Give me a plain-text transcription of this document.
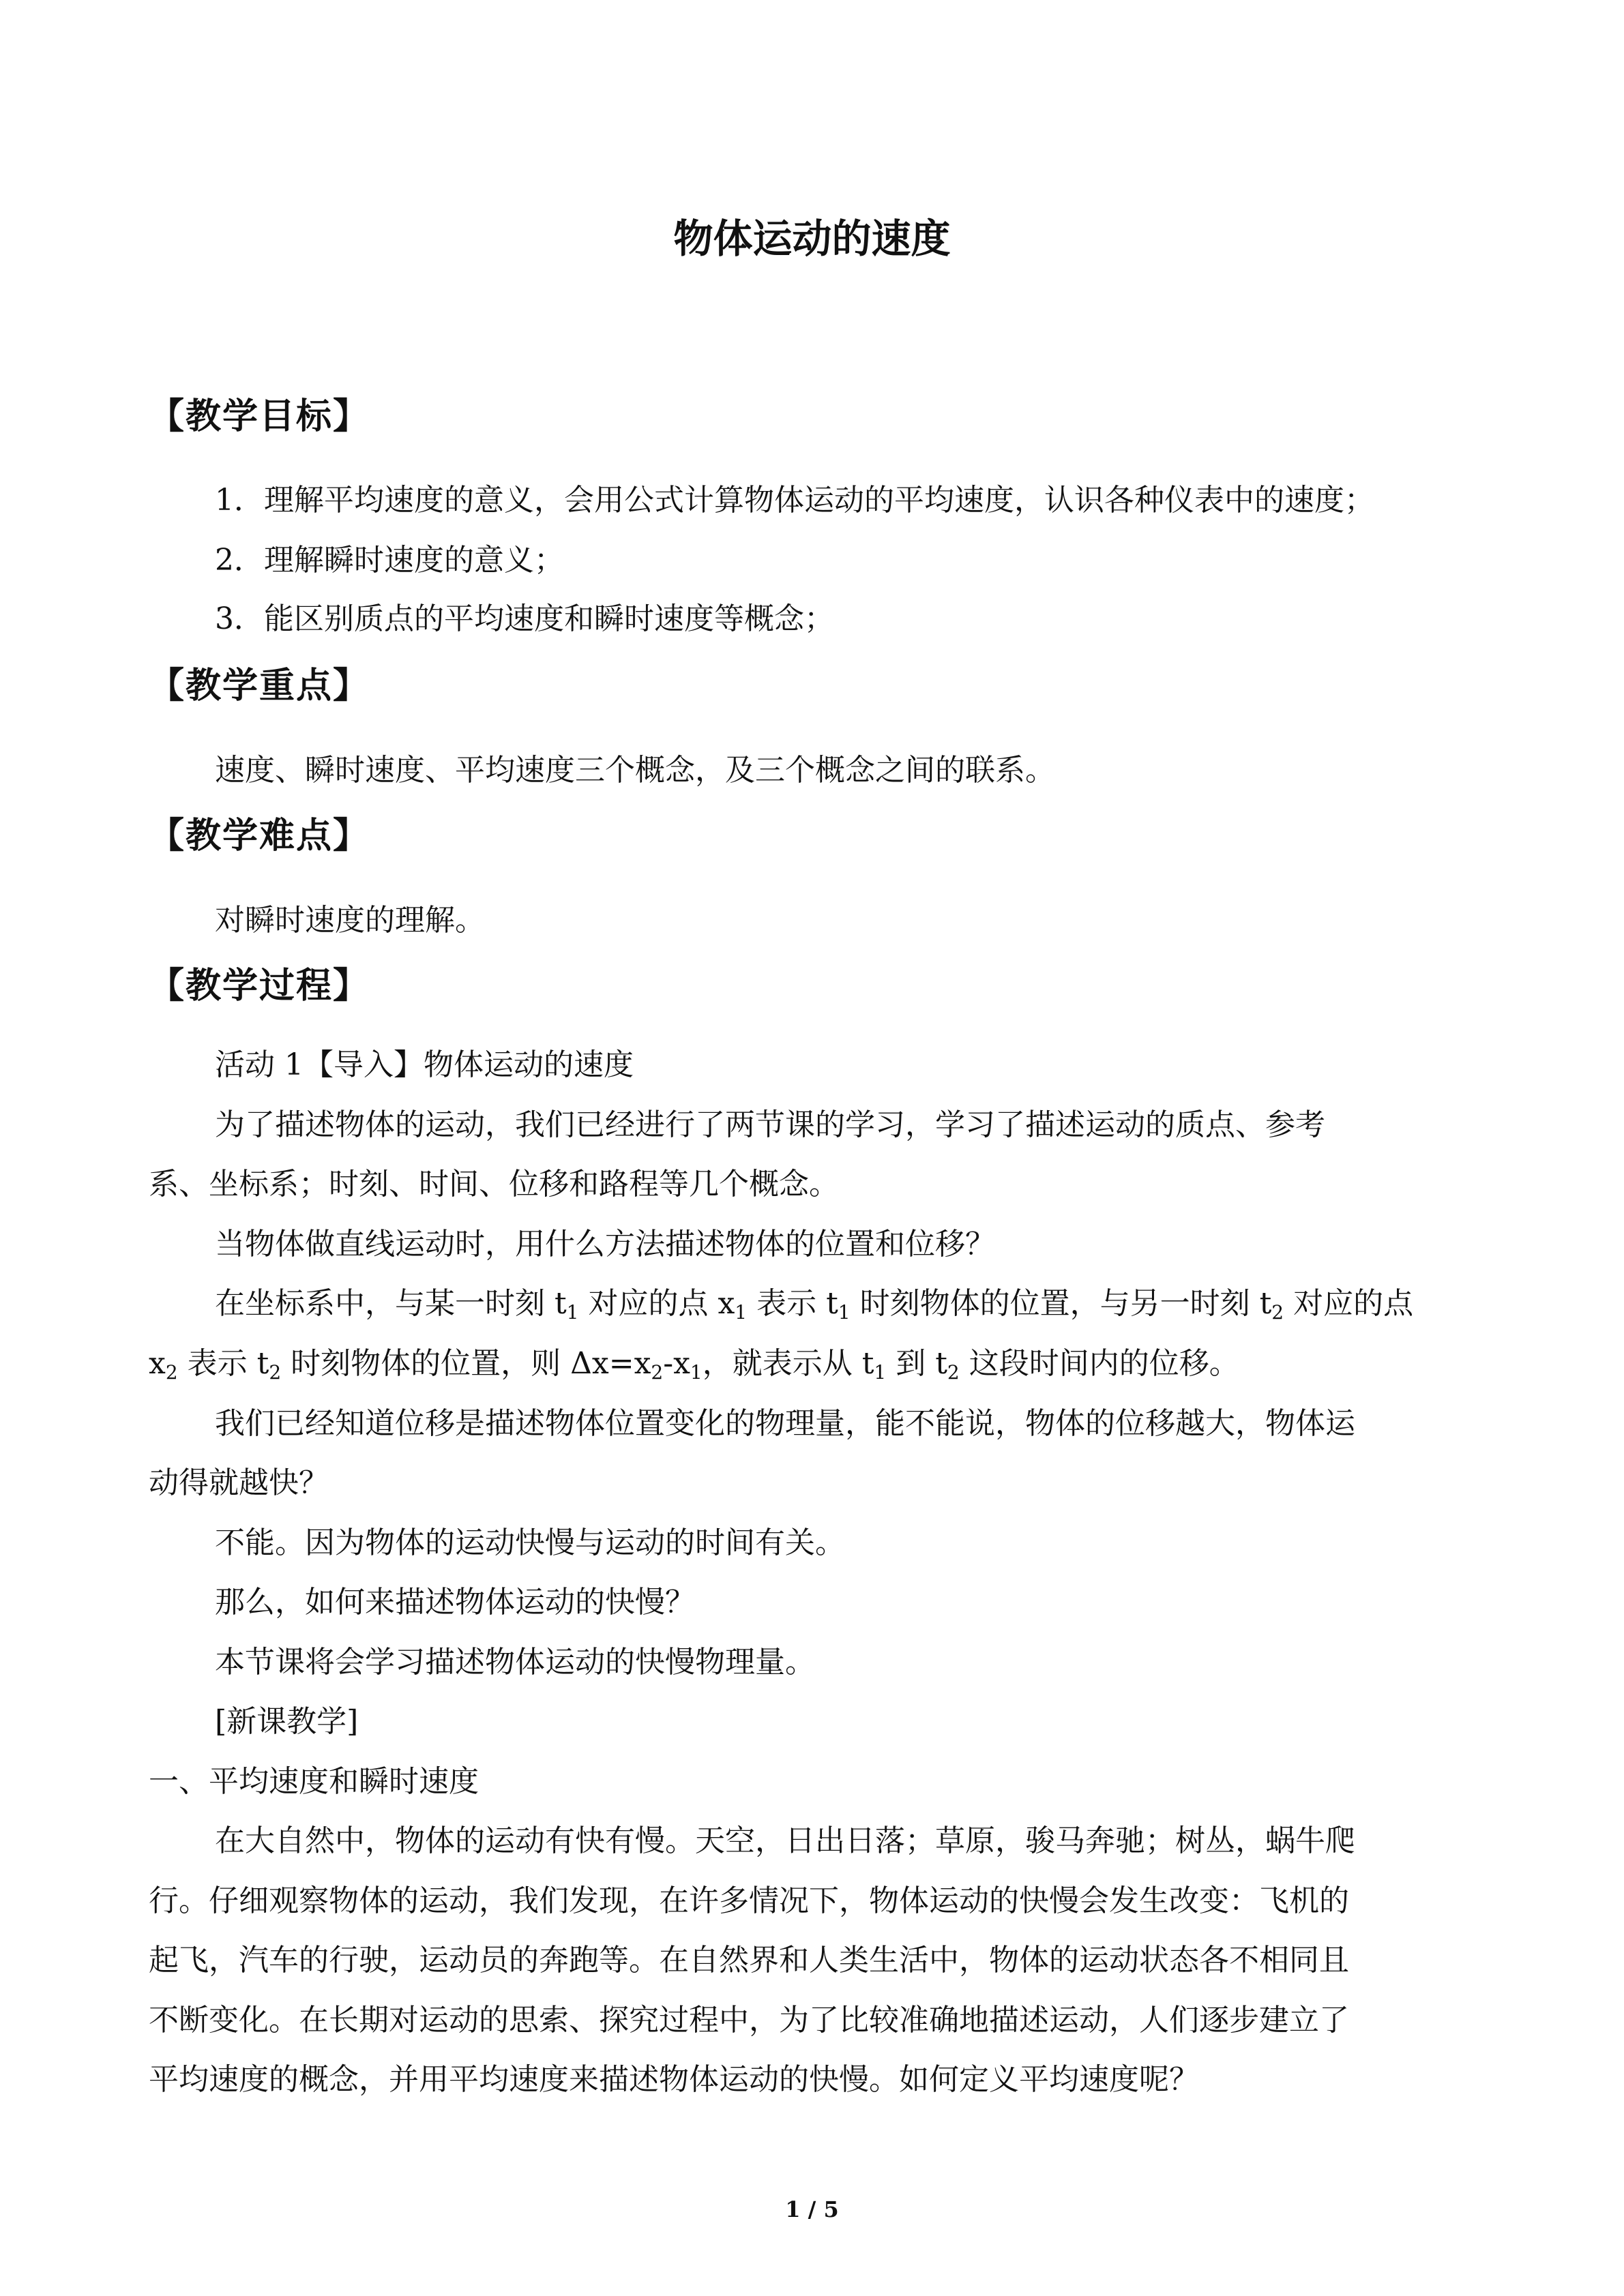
物体运动的速度
【教学目标】
1．理解平均速度的意义，会用公式计算物体运动的平均速度，认识各种仪表中的速度；
2．理解瞬时速度的意义；
3．能区别质点的平均速度和瞬时速度等概念；
【教学重点】
速度、瞬时速度、平均速度三个概念，及三个概念之间的联系。
【教学难点】
对瞬时速度的理解。
【教学过程】
活动 1【导入】物体运动的速度
为了描述物体的运动，我们已经进行了两节课的学习，学习了描述运动的质点、参考
系、坐标系；时刻、时间、位移和路程等几个概念。
当物体做直线运动时，用什么方法描述物体的位置和位移？
在坐标系中，与某一时刻 $t_1$ 对应的点 $x_1$ 表示 $t_1$ 时刻物体的位置，与另一时刻 $t_2$ 对应的点
$x_2$ 表示 $t_2$ 时刻物体的位置，则 $\Delta x=x_2-x_1$，就表示从 $t_1$ 到 $t_2$ 这段时间内的位移。
我们已经知道位移是描述物体位置变化的物理量，能不能说，物体的位移越大，物体运
动得就越快？
不能。因为物体的运动快慢与运动的时间有关。
那么，如何来描述物体运动的快慢？
本节课将会学习描述物体运动的快慢物理量。
[新课教学]
一、平均速度和瞬时速度
在大自然中，物体的运动有快有慢。天空，日出日落；草原，骏马奔驰；树丛，蜗牛爬
行。仔细观察物体的运动，我们发现，在许多情况下，物体运动的快慢会发生改变：飞机的
起飞，汽车的行驶，运动员的奔跑等。在自然界和人类生活中，物体的运动状态各不相同且
不断变化。在长期对运动的思索、探究过程中，为了比较准确地描述运动，人们逐步建立了
平均速度的概念，并用平均速度来描述物体运动的快慢。如何定义平均速度呢？
1 / 5
